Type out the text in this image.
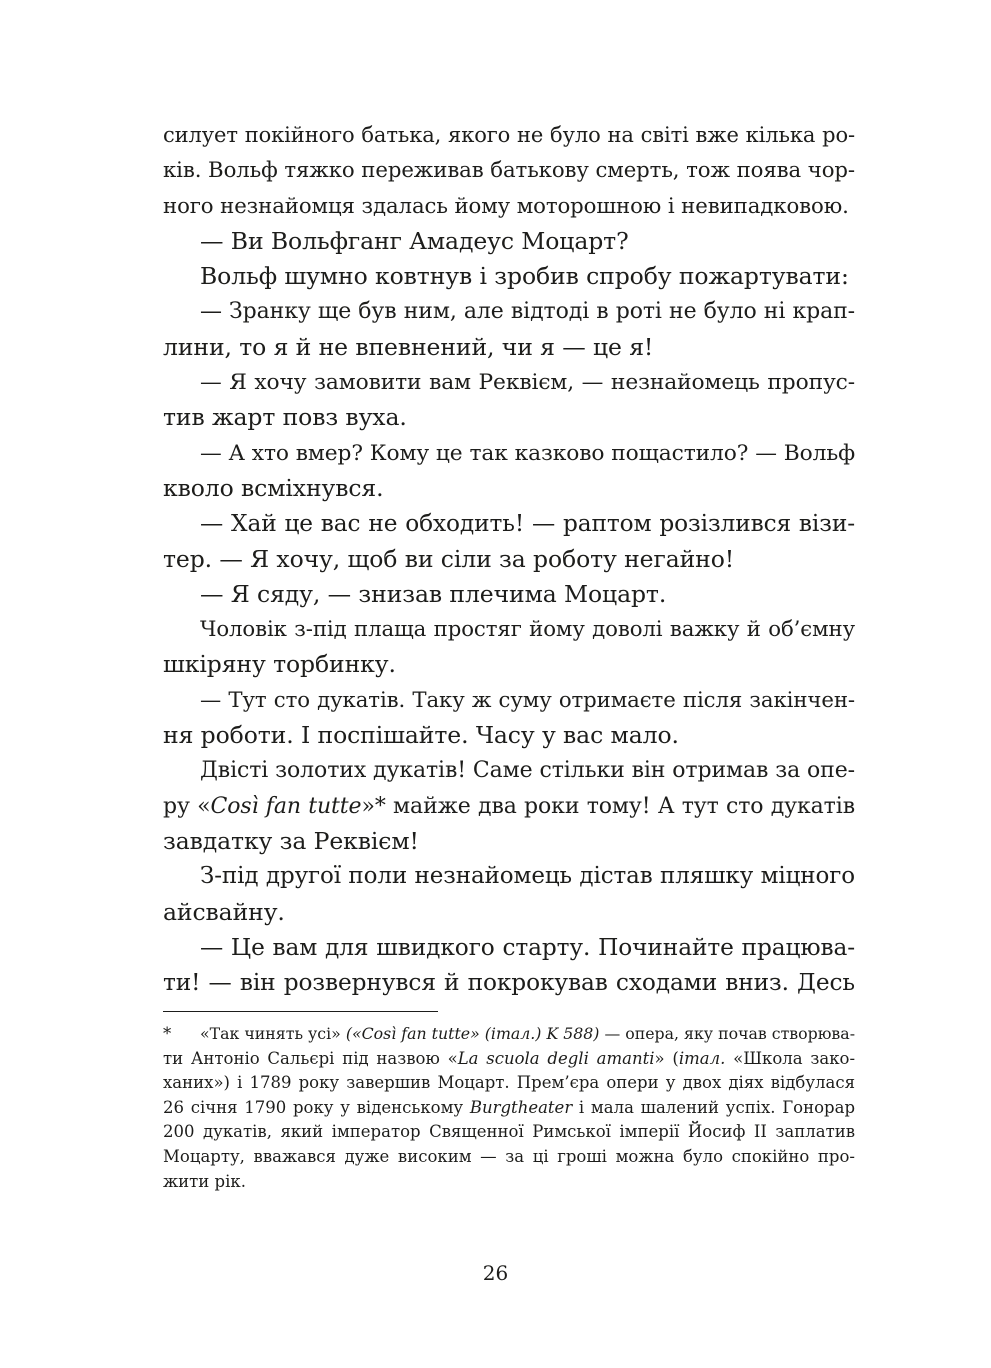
силует покійного батька, якого не було на світі вже кілька ро-
ків. Вольф тяжко переживав батькову смерть, тож поява чор-
ного незнайомця здалась йому моторошною і невипадковою.
— Ви Вольфганг Амадеус Моцарт?
Вольф шумно ковтнув і зробив спробу пожартувати:
— Зранку ще був ним, але відтоді в роті не було ні крап-
лини, то я й не впевнений, чи я — це я!
— Я хочу замовити вам Реквієм, — незнайомець пропус-
тив жарт повз вуха.
— А хто вмер? Кому це так казково пощастило? — Вольф
кволо всміхнувся.
— Хай це вас не обходить! — раптом розізлився візи-
тер. — Я хочу, щоб ви сіли за роботу негайно!
— Я сяду, — знизав плечима Моцарт.
Чоловік з-під плаща простяг йому доволі важку й об’ємну
шкіряну торбинку.
— Тут сто дукатів. Таку ж суму отримаєте після закінчен-
ня роботи. І поспішайте. Часу у вас мало.
Двісті золотих дукатів! Саме стільки він отримав за опе-
ру «Così fan tutte»* майже два роки тому! А тут сто дукатів
завдатку за Реквієм!
З-під другої поли незнайомець дістав пляшку міцного
айсвайну.
— Це вам для швидкого старту. Починайте працюва-
ти! — він розвернувся й покрокував сходами вниз. Десь
* «Так чинять усі» («Così fan tutte» (італ.) K 588) — опера, яку почав створюва-
ти Антоніо Сальєрі під назвою «La scuola degli amanti» (італ. «Школа зако-
ханих») і 1789 року завершив Моцарт. Прем’єра опери у двох діях відбулася
26 січня 1790 року у віденському Burgtheater і мала шалений успіх. Гонорар
200 дукатів, який імператор Священної Римської імперії Йосиф II заплатив
Моцарту, вважався дуже високим — за ці гроші можна було спокійно про-
жити рік.
26
